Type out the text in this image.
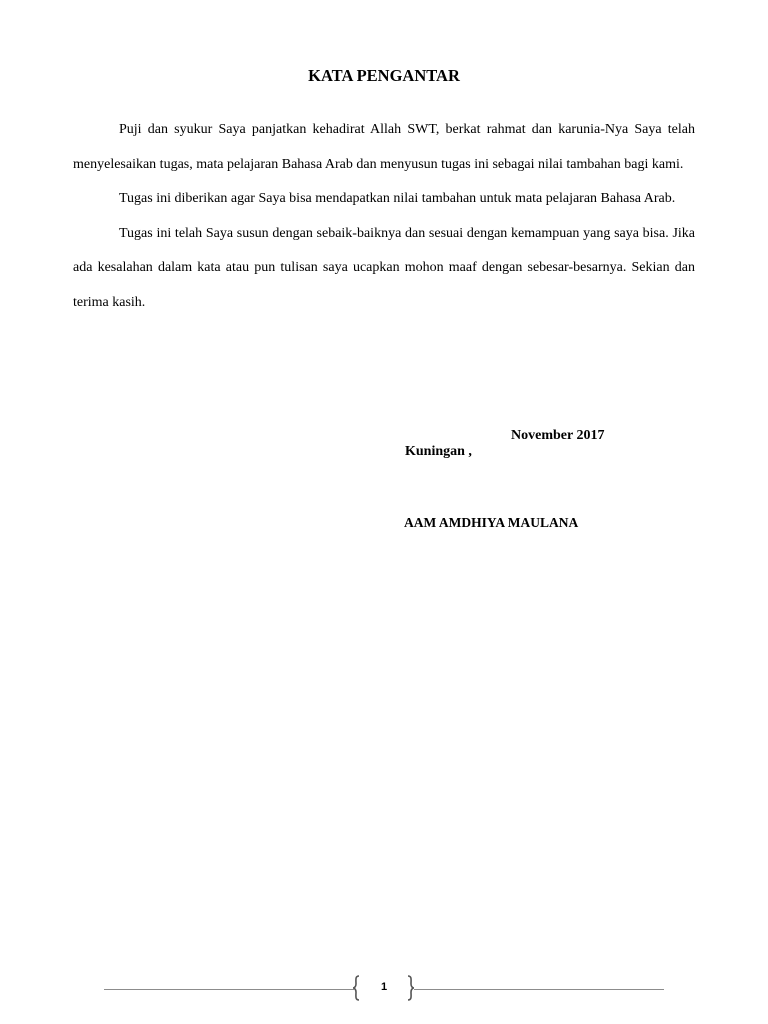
KATA PENGANTAR

Puji dan syukur Saya panjatkan kehadirat Allah SWT, berkat rahmat dan karunia-Nya Saya telah menyelesaikan tugas, mata pelajaran Bahasa Arab dan menyusun tugas ini sebagai nilai tambahan bagi kami.

Tugas ini diberikan agar Saya bisa mendapatkan nilai tambahan untuk mata pelajaran Bahasa Arab.

Tugas ini telah Saya susun dengan sebaik-baiknya dan sesuai dengan kemampuan yang saya bisa. Jika ada kesalahan dalam kata atau pun tulisan saya ucapkan mohon maaf dengan sebesar-besarnya. Sekian dan terima kasih.

Kuningan ,

November 2017

AAM AMDHIYA MAULANA
1
